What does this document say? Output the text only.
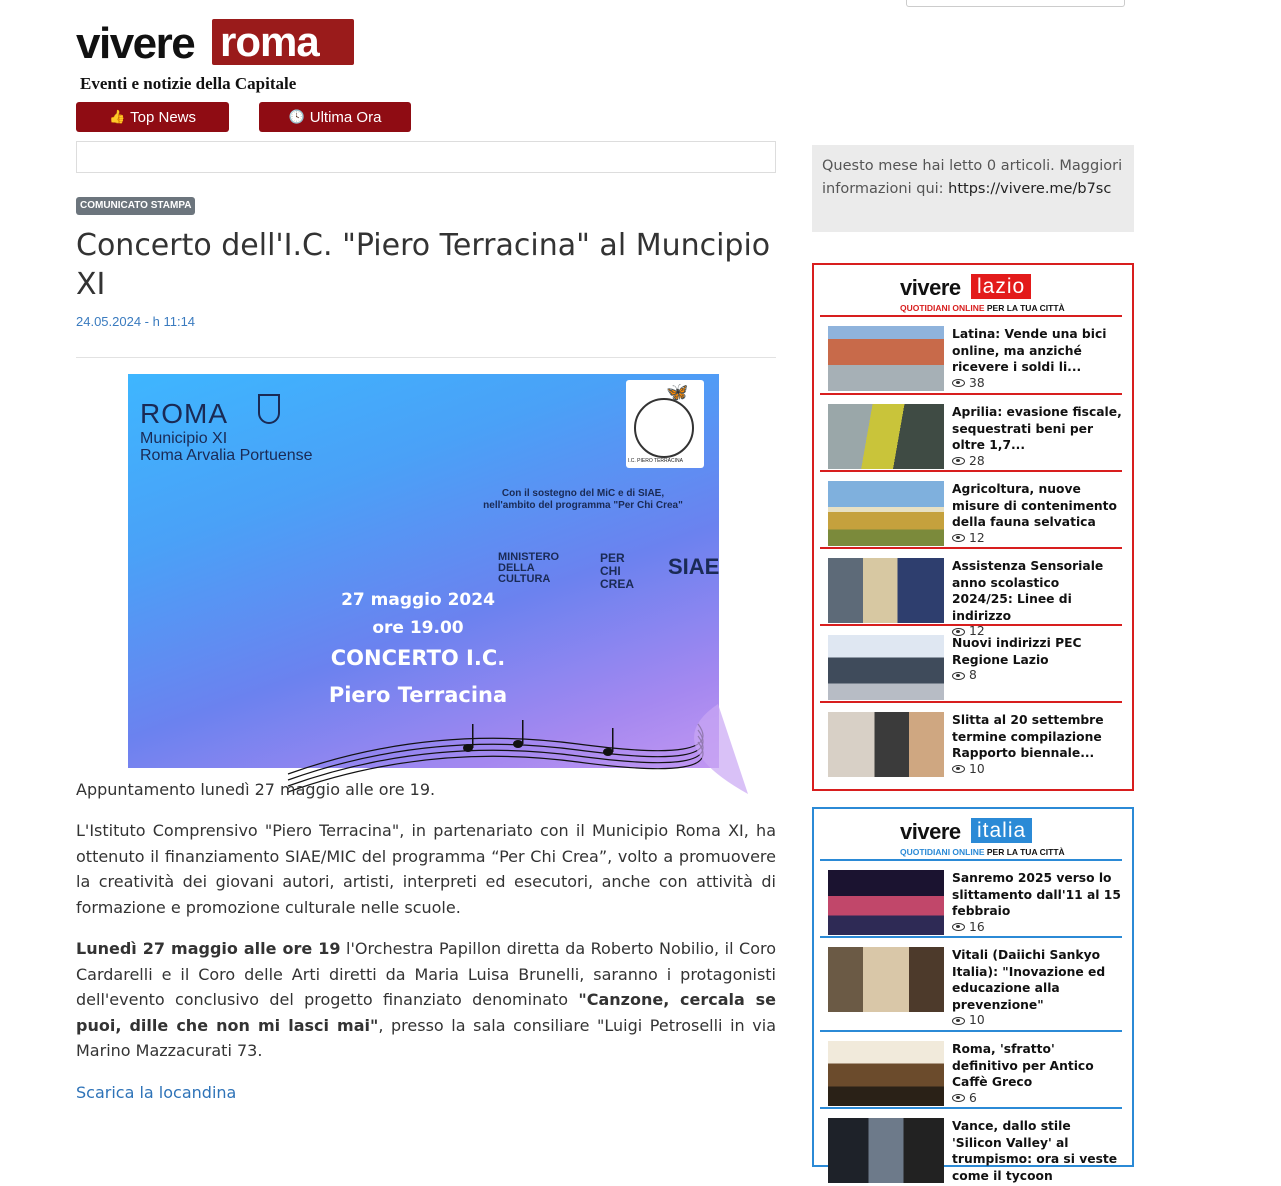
vivere roma
Eventi e notizie della Capitale
👍 Top News	🕓 Ultima Ora
COMUNICATO STAMPA
Concerto dell'I.C. "Piero Terracina" al Muncipio XI
24.05.2024 - h 11:14
ROMA
Municipio XI
Roma Arvalia Portuense
🦋
I.C. PIERO TERRACINA
Con il sostegno del MiC e di SIAE,
nell'ambito del programma "Per Chi Crea"
MINISTERO DELLA CULTURA
PER CHI CREA
SIAE
27 maggio 2024
ore 19.00
CONCERTO I.C.
Piero Terracina

Appuntamento lunedì 27 maggio alle ore 19.

L'Istituto Comprensivo "Piero Terracina", in partenariato con il Municipio Roma XI, ha ottenuto il finanziamento SIAE/MIC del programma “Per Chi Crea”, volto a promuovere la creatività dei giovani autori, artisti, interpreti ed esecutori, anche con attività di formazione e promozione culturale nelle scuole.

Lunedì 27 maggio alle ore 19 l'Orchestra Papillon diretta da Roberto Nobilio, il Coro Cardarelli e il Coro delle Arti diretti da Maria Luisa Brunelli, saranno i protagonisti dell'evento conclusivo del progetto finanziato denominato "Canzone, cercala se puoi, dille che non mi lasci mai", presso la sala consiliare "Luigi Petroselli in via Marino Mazzacurati 73.

Scarica la locandina
Questo mese hai letto 0 articoli. Maggiori informazioni qui: https://vivere.me/b7sc
vivere lazio
QUOTIDIANI ONLINE PER LA TUA CITTÀ
Latina: Vende una bici online, ma anziché ricevere i soldi li...
38
Aprilia: evasione fiscale, sequestrati beni per oltre 1,7...
28
Agricoltura, nuove misure di contenimento della fauna selvatica
12
Assistenza Sensoriale anno scolastico 2024/25: Linee di indirizzo
12
Nuovi indirizzi PEC Regione Lazio
8
Slitta al 20 settembre termine compilazione Rapporto biennale...
10
vivere italia
QUOTIDIANI ONLINE PER LA TUA CITTÀ
Sanremo 2025 verso lo slittamento dall'11 al 15 febbraio
16
Vitali (Daiichi Sankyo Italia): "Inovazione ed educazione alla prevenzione"
10
Roma, 'sfratto' definitivo per Antico Caffè Greco
6
Vance, dallo stile 'Silicon Valley' al trumpismo: ora si veste come il tycoon
